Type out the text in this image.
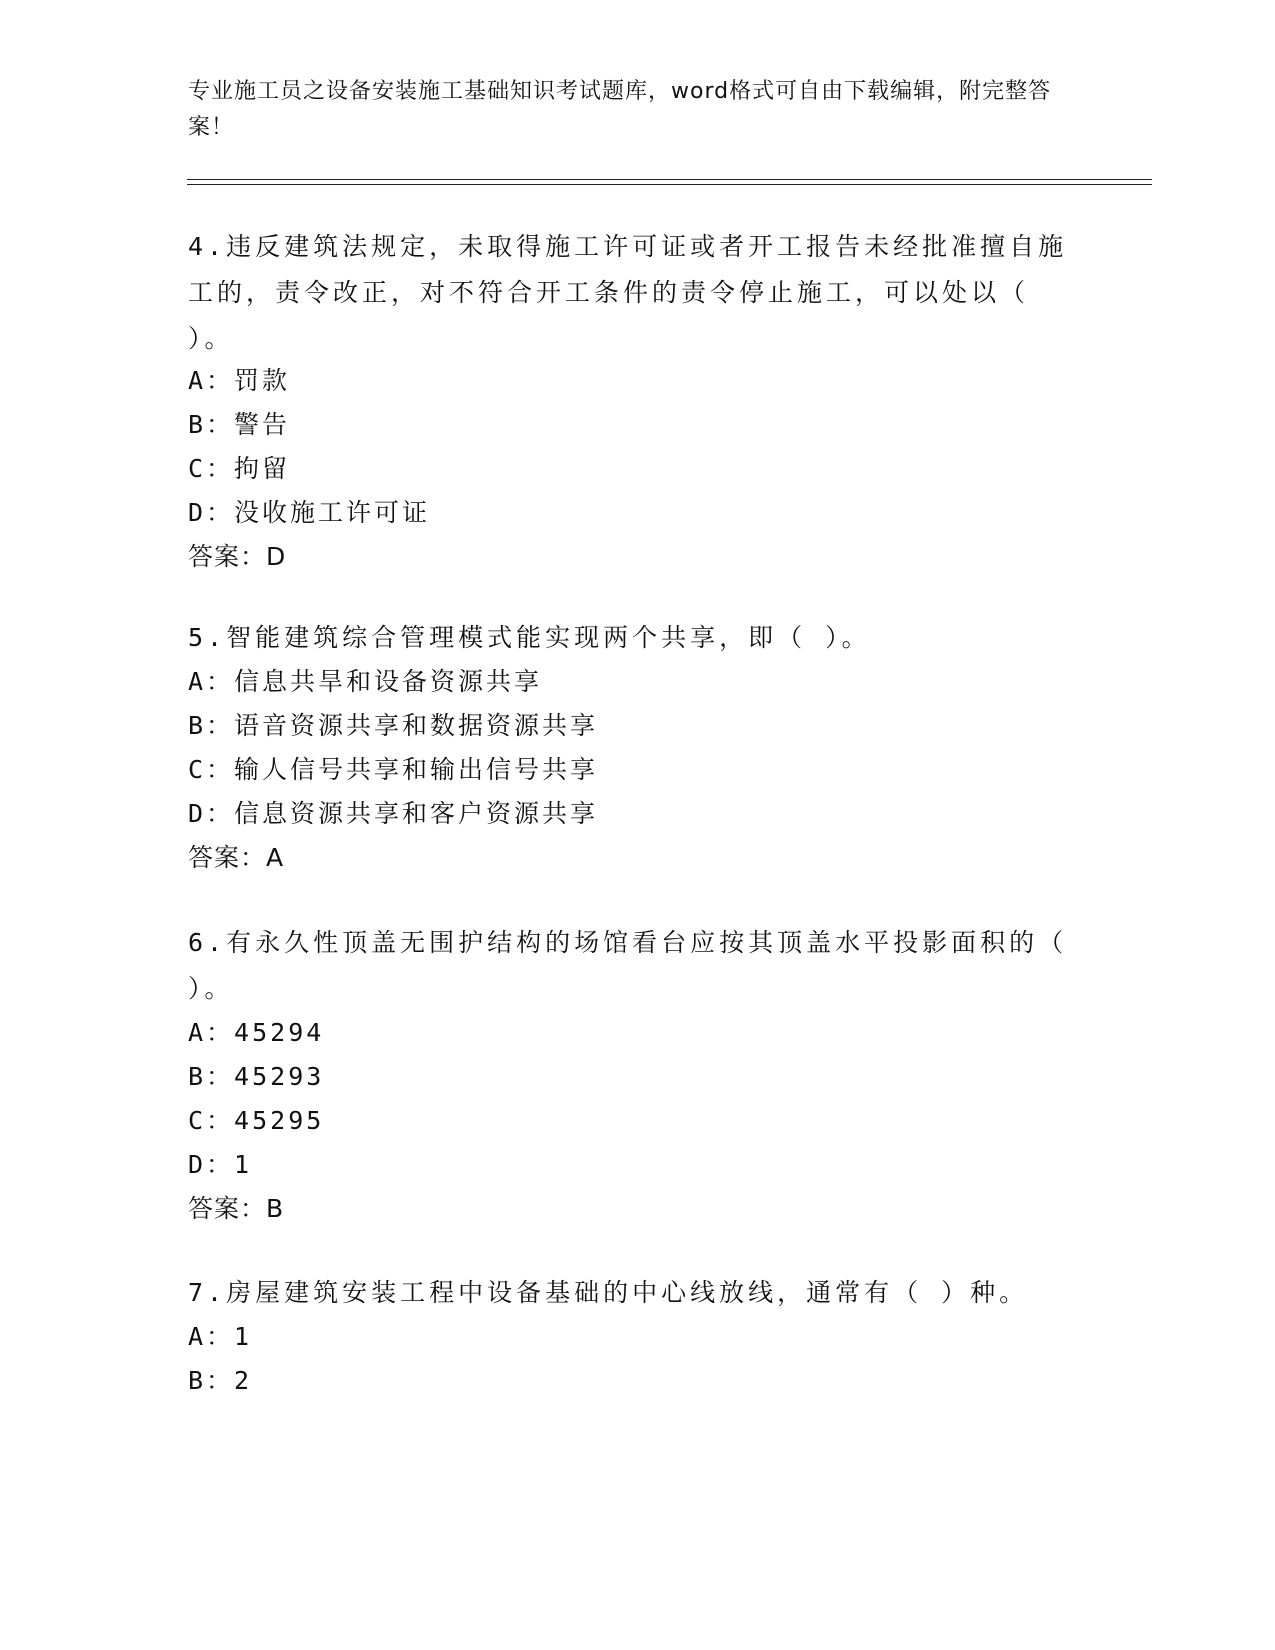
专业施工员之设备安装施工基础知识考试题库，word格式可自由下载编辑，附完整答案！
4.违反建筑法规定，未取得施工许可证或者开工报告未经批准擅自施工的，责令改正，对不符合开工条件的责令停止施工，可以处以（ ）。
A：罚款
B：警告
C：拘留
D：没收施工许可证
答案：D
5.智能建筑综合管理模式能实现两个共享，即（ ）。
A：信息共旱和设备资源共享
B：语音资源共享和数据资源共享
C：输人信号共享和输出信号共享
D：信息资源共享和客户资源共享
答案：A
6.有永久性顶盖无围护结构的场馆看台应按其顶盖水平投影面积的（ ）。
A：45294
B：45293
C：45295
D：1
答案：B
7.房屋建筑安装工程中设备基础的中心线放线，通常有（ ）种。
A：1
B：2
